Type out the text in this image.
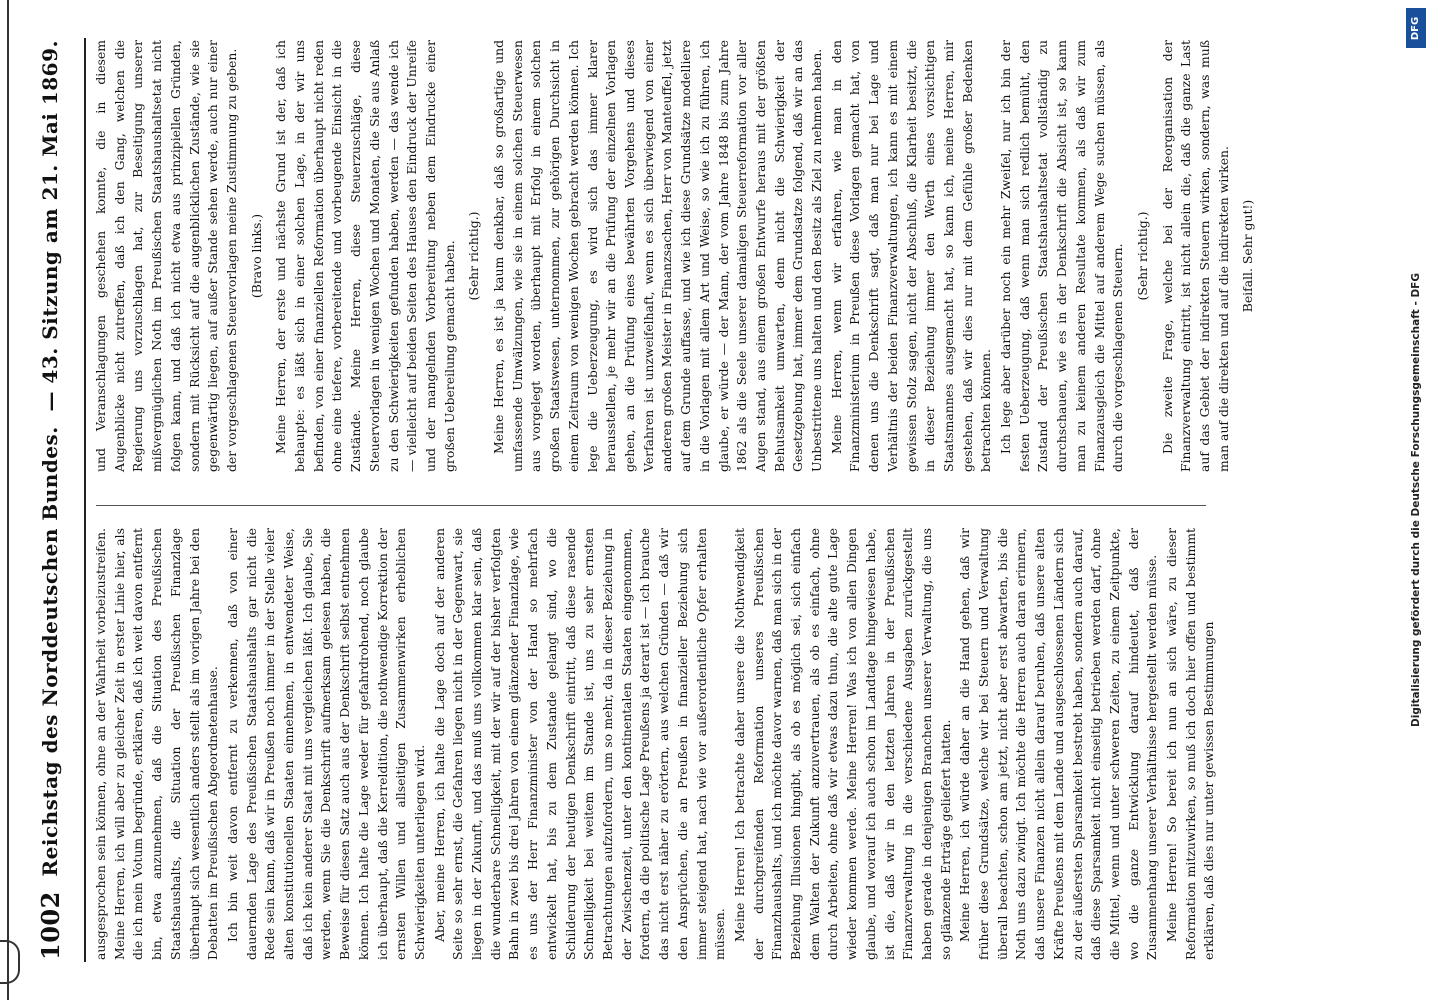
1002
Reichstag des Norddeutschen Bundes.
— 43. Sitzung am 21. Mai 1869.

ausgesprochen sein können, ohne an der Wahrheit vorbeizustreifen. Meine Herren, ich will aber zu gleicher Zeit in erster Linie hier, als die ich mein Votum begründe, erklären, daß ich weit davon entfernt bin, etwa anzunehmen, daß die Situation des Preußischen Staatshaushalts, die Situation der Preußischen Finanzlage überhaupt sich wesentlich anders stellt als im vorigen Jahre bei den Debatten im Preußischen Abgeordnetenhause. Ich bin weit davon entfernt zu verkennen, daß von einer dauernden Lage des Preußischen Staatshaushalts gar nicht die Rede sein kann, daß wir in Preußen noch immer in der Stelle vieler alten konstitutionellen Staaten einnehmen, in entwendeter Weise, daß ich kein anderer Staat mit uns vergleichen läßt. Ich glaube, Sie werden, wenn Sie die Denkschrift aufmerksam gelesen haben, die Beweise für diesen Satz auch aus der Denkschrift selbst entnehmen können. Ich halte die Lage weder für gefahrdrohend, noch glaube ich überhaupt, daß die Kerreldition, die nothwendige Korrektion der ernsten Willen und allseitigen Zusammenwirken erheblichen Schwierigkeiten unterliegen wird. Aber, meine Herren, ich halte die Lage doch auf der anderen Seite so sehr ernst, die Gefahren liegen nicht in der Gegenwart, sie liegen in der Zukunft, und das muß uns vollkommen klar sein, daß die wunderbare Schnelligkeit, mit der wir auf der bisher verfolgten Bahn in zwei bis drei Jahren von einem glänzender Finanzlage, wie es uns der Herr Finanzminister von der Hand so mehrfach entwickelt hat, bis zu dem Zustande gelangt sind, wo die Schilderung der heutigen Denkschrift eintritt, daß diese rasende Schnelligkeit bei weitem im Stande ist, uns zu sehr ernsten Betrachtungen aufzufordern, um so mehr, da in dieser Beziehung in der Zwischenzeit, unter den kontinentalen Staaten eingenommen, fordern, da die politische Lage Preußens ja derart ist — ich brauche das nicht erst näher zu erörtern, aus welchen Gründen — daß wir den Ansprüchen, die an Preußen in finanzieller Beziehung sich immer steigend hat, nach wie vor außerordentliche Opfer erhalten müssen. Meine Herren! Ich betrachte daher unsere die Nothwendigkeit der durchgreifenden Reformation unseres Preußischen Finanzhaushalts, und ich möchte davor warnen, daß man sich in der Beziehung Illusionen hingibt, als ob es möglich sei, sich einfach dem Walten der Zukunft anzuvertrauen, als ob es einfach, ohne durch Arbeiten, ohne daß wir etwas dazu thun, die alte gute Lage wieder kommen werde. Meine Herren! Was ich von allen Dingen glaube, und worauf ich auch schon im Landtage hingewiesen habe, ist die, daß wir in den letzten Jahren in der Preußischen Finanzverwaltung in die verschiedene Ausgaben zurückgestellt haben gerade in denjenigen Branchen unserer Verwaltung, die uns so glänzende Erträge geliefert hatten. Meine Herren, ich würde daher an die Hand gehen, daß wir früher diese Grundsätze, welche wir bei Steuern und Verwaltung überall beachten, schon am jetzt, nicht aber erst abwarten, bis die Noth uns dazu zwingt. Ich möchte die Herren auch daran erinnern, daß unsere Finanzen nicht allein darauf beruhen, daß unsere alten Kräfte Preußens mit dem Lande und ausgeschlossenen Ländern sich zu der äußersten Sparsamkeit bestrebt haben, sondern auch darauf, daß diese Sparsamkeit nicht einseitig betrieben werden darf, ohne die Mittel, wenn und unter schweren Zeiten, zu einem Zeitpunkte, wo die ganze Entwicklung darauf hindeutet, daß der Zusammenhang unserer Verhältnisse hergestellt werden müsse. Meine Herren! So bereit ich nun an sich wäre, zu dieser Reformation mitzuwirken, so muß ich doch hier offen und bestimmt erklären, daß dies nur unter gewissen Bestimmungen

und Veranschlagungen geschehen konnte, die in diesem Augenblicke nicht zutreffen, daß ich den Gang, welchen die Regierung uns vorzuschlagen hat, zur Beseitigung unserer mißvergnüglichen Noth im Preußischen Staatshaushaltsetat nicht folgen kann, und daß ich nicht etwa aus prinzipiellen Gründen, sondern mit Rücksicht auf die augenblicklichen Zustände, wie sie gegenwärtig liegen, auf außer Stande sehen werde, auch nur einer der vorgeschlagenen Steuervorlagen meine Zustimmung zu geben. (Bravo links.) Meine Herren, der erste und nächste Grund ist der, daß ich behaupte: es läßt sich in einer solchen Lage, in der wir uns befinden, von einer finanziellen Reformation überhaupt nicht reden ohne eine tiefere, vorbereitende und vorbeugende Einsicht in die Zustände. Meine Herren, diese Steuerzuschläge, diese Steuervorlagen in wenigen Wochen und Monaten, die Sie aus Anlaß zu den Schwierigkeiten gefunden haben, werden — das wende ich — vielleicht auf beiden Seiten des Hauses den Eindruck der Unreife und der mangelnden Vorbereitung neben dem Eindrucke einer großen Uebereilung gemacht haben. (Sehr richtig.) Meine Herren, es ist ja kaum denkbar, daß so großartige und umfassende Umwälzungen, wie sie in einem solchen Steuerwesen aus vorgelegt worden, überhaupt mit Erfolg in einem solchen großen Staatswesen, unternommen, zur gehörigen Durchsicht in einem Zeitraum von wenigen Wochen gebracht werden können. Ich lege die Ueberzeugung, es wird sich das immer klarer herausstellen, je mehr wir an die Prüfung der einzelnen Vorlagen gehen, an die Prüfung eines bewährten Vorgehens und dieses Verfahren ist unzweifelhaft, wenn es sich überwiegend von einer anderen großen Meister in Finanzsachen, Herr von Manteuffel, jetzt auf dem Grunde auffasse, und wie ich diese Grundsätze modelliere in die Vorlagen mit allem Art und Weise, so wie ich zu führen, ich glaube, er würde — der Mann, der vom Jahre 1848 bis zum Jahre 1862 als die Seele unserer damaligen Steuerreformation vor aller Augen stand, aus einem großen Entwurfe heraus mit der größten Behutsamkeit umwarten, denn nicht die Schwierigkeit der Gesetzgebung hat, immer dem Grundsatze folgend, daß wir an das Unbestrittene uns halten und den Besitz als Ziel zu nehmen haben. Meine Herren, wenn wir erfahren, wie man in den Finanzministerium in Preußen diese Vorlagen gemacht hat, von denen uns die Denkschrift sagt, daß man nur bei Lage und Verhältnis der beiden Finanzverwaltungen, ich kann es mit einem gewissen Stolz sagen, nicht der Abschluß, die Klarheit besitzt, die in dieser Beziehung immer den Werth eines vorsichtigen Staatsmannes ausgemacht hat, so kann ich, meine Herren, mir gestehen, daß wir dies nur mit dem Gefühle großer Bedenken betrachten können. Ich lege aber darüber noch ein mehr Zweifel, nur ich bin der festen Ueberzeugung, daß wenn man sich redlich bemüht, den Zustand der Preußischen Staatshaushaltsetat vollständig zu durchschauen, wie es in der Denkschrift die Absicht ist, so kann man zu keinem anderen Resultate kommen, als daß wir zum Finanzausgleich die Mittel auf anderem Wege suchen müssen, als durch die vorgeschlagenen Steuern. (Sehr richtig.) Die zweite Frage, welche bei der Reorganisation der Finanzverwaltung eintritt, ist nicht allein die, daß die ganze Last auf das Gebiet der indirekten Steuern wirken, sondern, was muß man auf die direkten und auf die indirekten wirken. Beifall. Sehr gut!)

Digitalisierung gefördert durch die Deutsche Forschungsgemeinschaft - DFG
DFG
